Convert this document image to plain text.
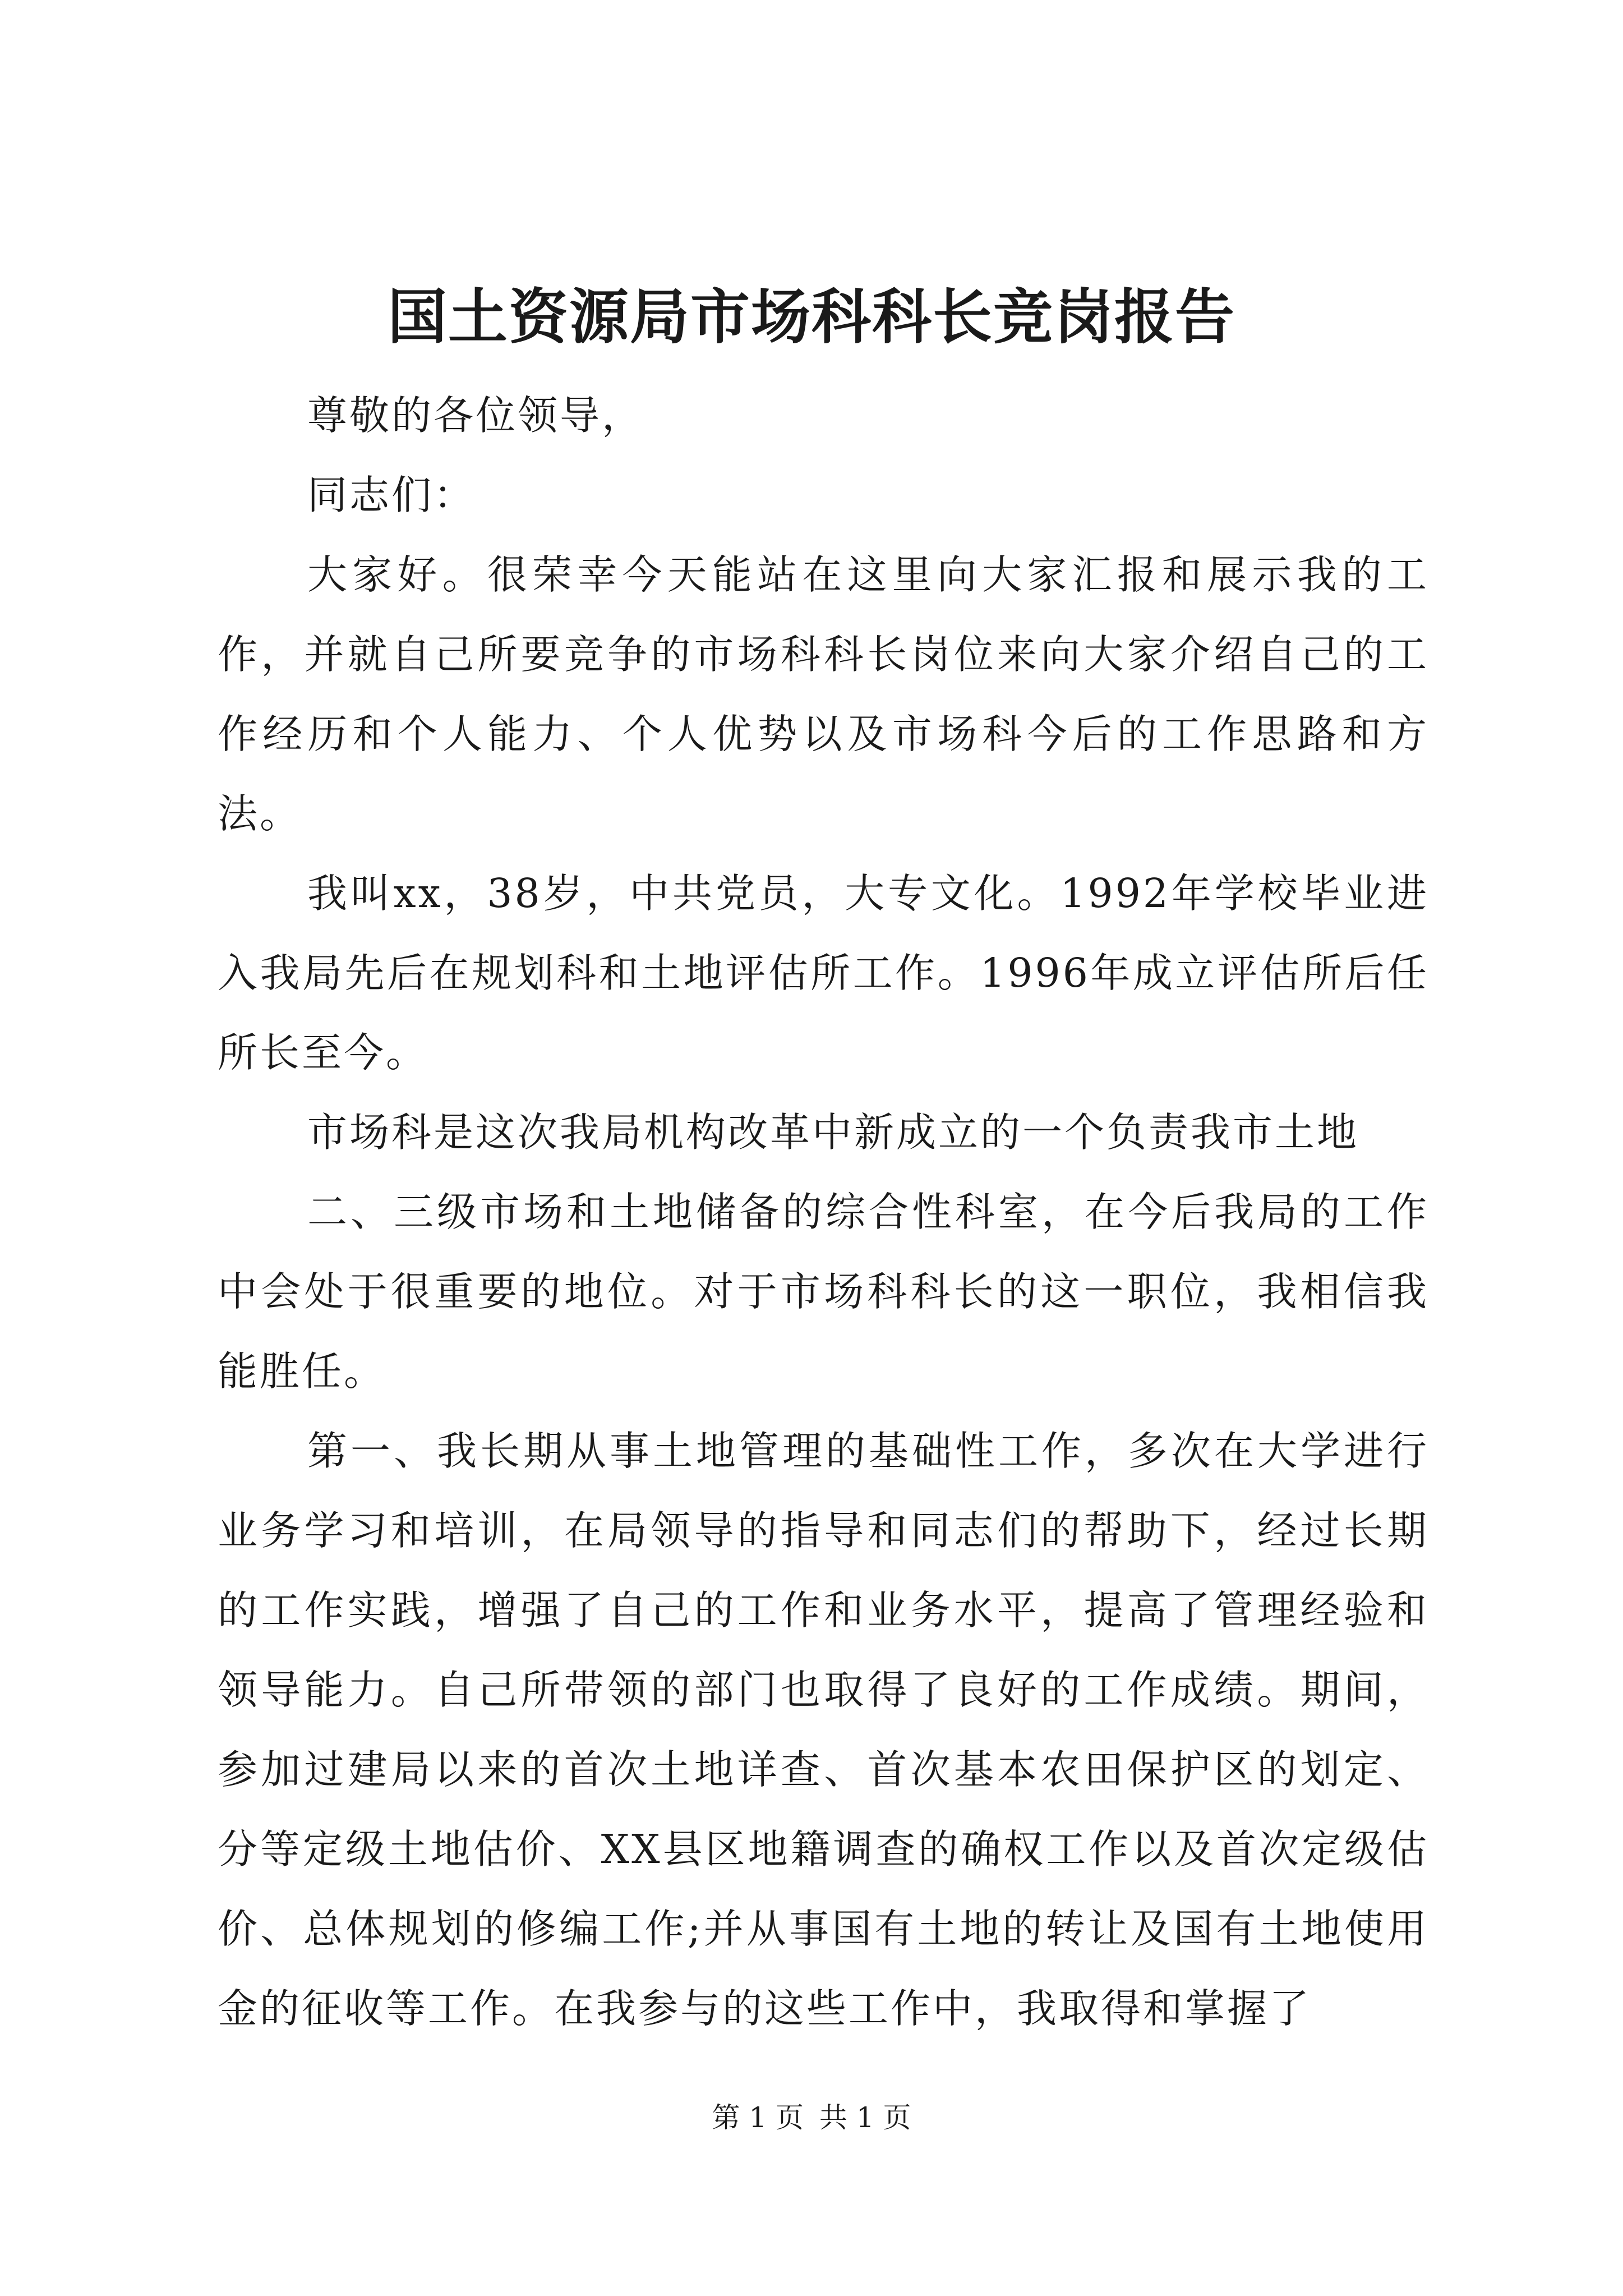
国土资源局市场科科长竞岗报告

尊敬的各位领导，

同志们：

大家好。很荣幸今天能站在这里向大家汇报和展示我的工作，并就自己所要竞争的市场科科长岗位来向大家介绍自己的工作经历和个人能力、个人优势以及市场科今后的工作思路和方法。

我叫xx，38岁，中共党员，大专文化。1992年学校毕业进入我局先后在规划科和土地评估所工作。1996年成立评估所后任所长至今。

市场科是这次我局机构改革中新成立的一个负责我市土地

二、三级市场和土地储备的综合性科室，在今后我局的工作中会处于很重要的地位。对于市场科科长的这一职位，我相信我能胜任。

第一、我长期从事土地管理的基础性工作，多次在大学进行业务学习和培训，在局领导的指导和同志们的帮助下，经过长期的工作实践，增强了自己的工作和业务水平，提高了管理经验和领导能力。自己所带领的部门也取得了良好的工作成绩。期间，参加过建局以来的首次土地详查、首次基本农田保护区的划定、分等定级土地估价、XX县区地籍调查的确权工作以及首次定级估价、总体规划的修编工作;并从事国有土地的转让及国有土地使用金的征收等工作。在我参与的这些工作中，我取得和掌握了

第 1 页 共 1 页
